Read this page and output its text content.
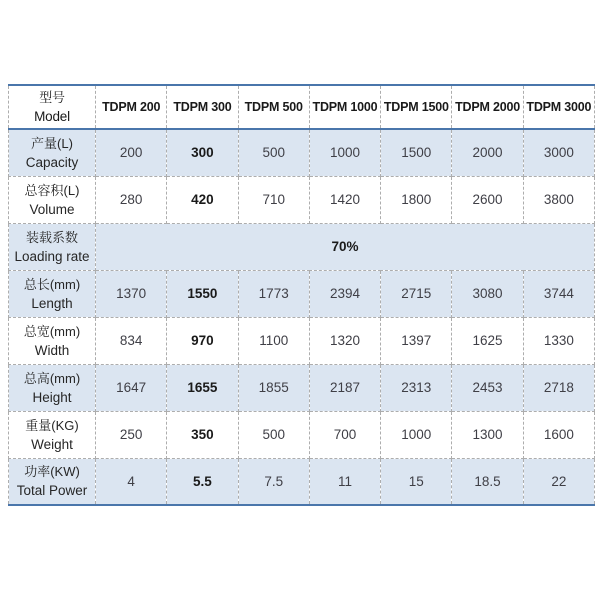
型号
Model	TDPM 200	TDPM 300	TDPM 500	TDPM 1000	TDPM 1500	TDPM 2000	TDPM 3000

产量(L)
Capacity	200	300	500	1000	1500	2000	3000

总容积(L)
Volume	280	420	710	1420	1800	2600	3800

装载系数
Loading rate	70%						

总长(mm)
Length	1370	1550	1773	2394	2715	3080	3744

总宽(mm)
Width	834	970	1100	1320	1397	1625	1330

总高(mm)
Height	1647	1655	1855	2187	2313	2453	2718

重量(KG)
Weight	250	350	500	700	1000	1300	1600

功率(KW)
Total Power	4	5.5	7.5	11	15	18.5	22
